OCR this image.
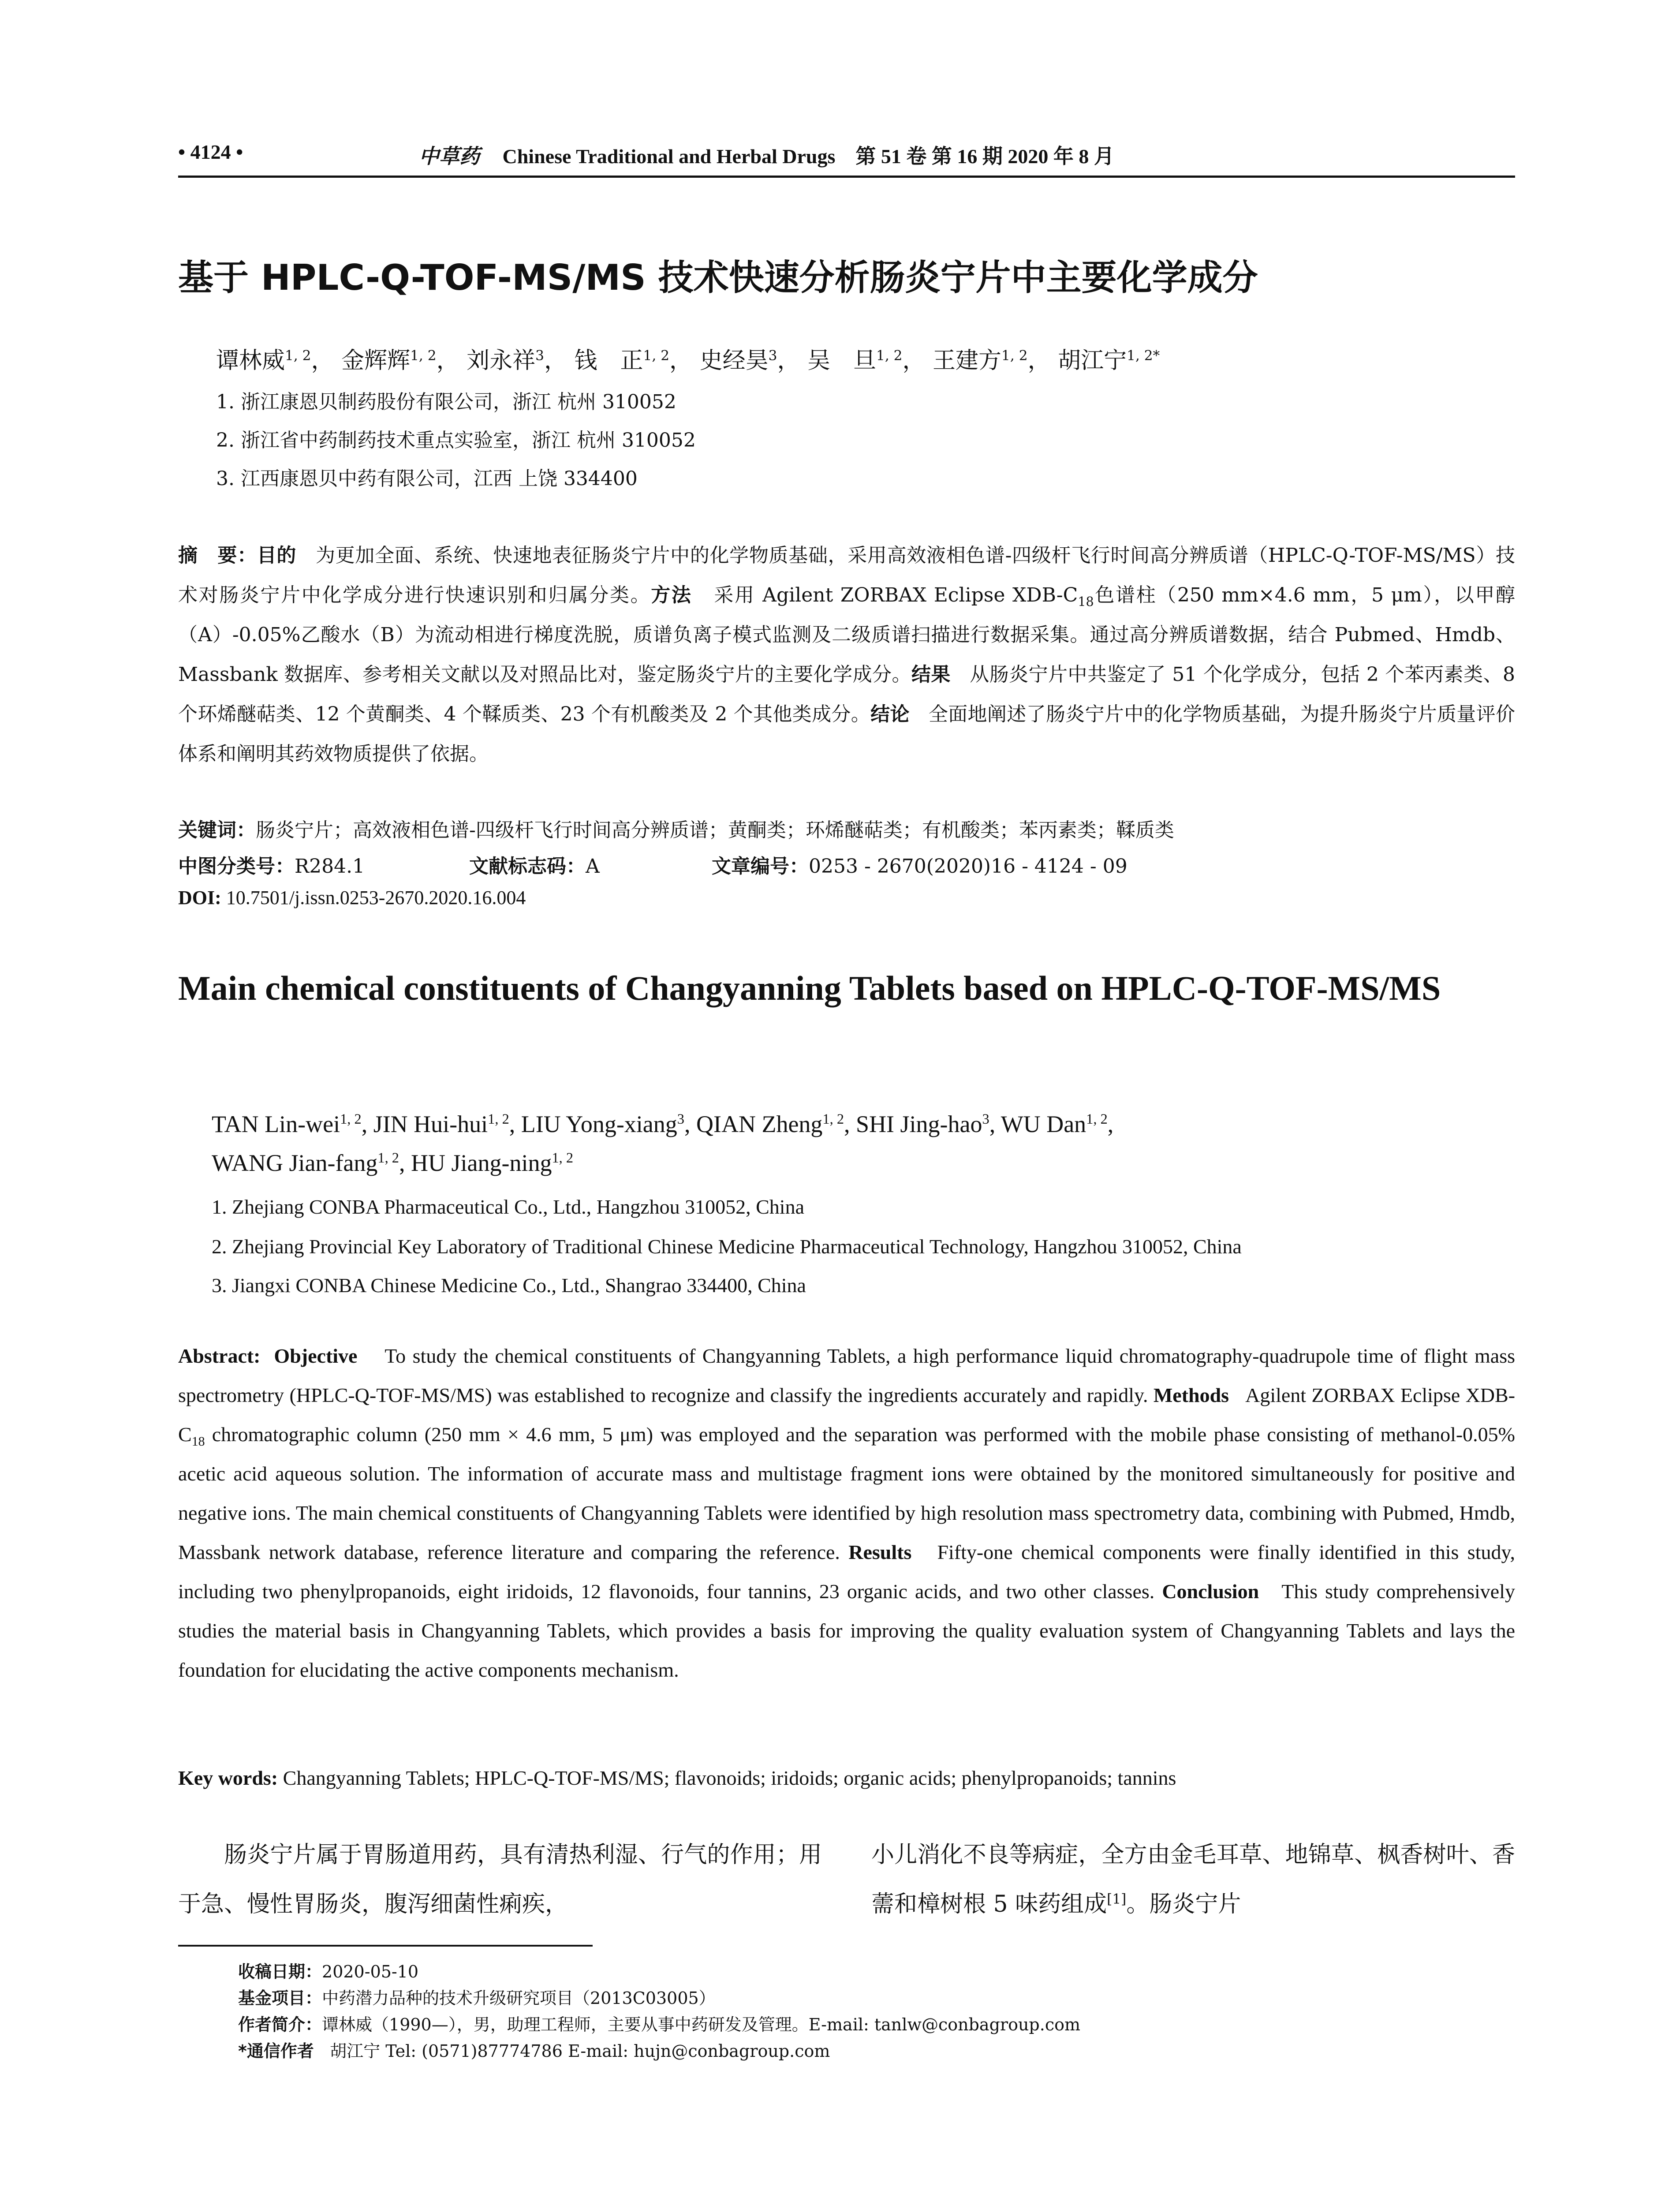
• 4124 •	中草药 Chinese Traditional and Herbal Drugs 第 51 卷 第 16 期 2020 年 8 月
基于 HPLC-Q-TOF-MS/MS 技术快速分析肠炎宁片中主要化学成分
谭林威$^{1, 2}$， 金辉辉$^{1, 2}$， 刘永祥$^3$， 钱　正$^{1, 2}$， 史经昊$^3$， 吴　旦$^{1, 2}$， 王建方$^{1, 2}$， 胡江宁$^{1, 2*}$
1. 浙江康恩贝制药股份有限公司，浙江 杭州 310052
2. 浙江省中药制药技术重点实验室，浙江 杭州 310052
3. 江西康恩贝中药有限公司，江西 上饶 334400
摘　要：目的 为更加全面、系统、快速地表征肠炎宁片中的化学物质基础，采用高效液相色谱-四级杆飞行时间高分辨质谱（HPLC-Q-TOF-MS/MS）技术对肠炎宁片中化学成分进行快速识别和归属分类。方法 采用 Agilent ZORBAX Eclipse XDB-$C_{18}$色谱柱（250 mm×4.6 mm，5 μm），以甲醇（A）-0.05%乙酸水（B）为流动相进行梯度洗脱，质谱负离子模式监测及二级质谱扫描进行数据采集。通过高分辨质谱数据，结合 Pubmed、Hmdb、Massbank 数据库、参考相关文献以及对照品比对，鉴定肠炎宁片的主要化学成分。结果 从肠炎宁片中共鉴定了 51 个化学成分，包括 2 个苯丙素类、8 个环烯醚萜类、12 个黄酮类、4 个鞣质类、23 个有机酸类及 2 个其他类成分。结论 全面地阐述了肠炎宁片中的化学物质基础，为提升肠炎宁片质量评价体系和阐明其药效物质提供了依据。
关键词：肠炎宁片；高效液相色谱-四级杆飞行时间高分辨质谱；黄酮类；环烯醚萜类；有机酸类；苯丙素类；鞣质类
中图分类号：R284.1	文献标志码：A	文章编号：0253 - 2670(2020)16 - 4124 - 09
DOI: 10.7501/j.issn.0253-2670.2020.16.004
Main chemical constituents of Changyanning Tablets based on HPLC-Q-TOF-MS/MS
TAN Lin-wei$^{1, 2}$, JIN Hui-hui$^{1, 2}$, LIU Yong-xiang$^3$, QIAN Zheng$^{1, 2}$, SHI Jing-hao$^3$, WU Dan$^{1, 2}$,
WANG Jian-fang$^{1, 2}$, HU Jiang-ning$^{1, 2}$
1. Zhejiang CONBA Pharmaceutical Co., Ltd., Hangzhou 310052, China
2. Zhejiang Provincial Key Laboratory of Traditional Chinese Medicine Pharmaceutical Technology, Hangzhou 310052, China
3. Jiangxi CONBA Chinese Medicine Co., Ltd., Shangrao 334400, China
Abstract: Objective To study the chemical constituents of Changyanning Tablets, a high performance liquid chromatography-quadrupole time of flight mass spectrometry (HPLC-Q-TOF-MS/MS) was established to recognize and classify the ingredients accurately and rapidly. Methods Agilent ZORBAX Eclipse XDB-$C_{18}$ chromatographic column (250 mm × 4.6 mm, 5 μm) was employed and the separation was performed with the mobile phase consisting of methanol-0.05% acetic acid aqueous solution. The information of accurate mass and multistage fragment ions were obtained by the monitored simultaneously for positive and negative ions. The main chemical constituents of Changyanning Tablets were identified by high resolution mass spectrometry data, combining with Pubmed, Hmdb, Massbank network database, reference literature and comparing the reference. Results Fifty-one chemical components were finally identified in this study, including two phenylpropanoids, eight iridoids, 12 flavonoids, four tannins, 23 organic acids, and two other classes. Conclusion This study comprehensively studies the material basis in Changyanning Tablets, which provides a basis for improving the quality evaluation system of Changyanning Tablets and lays the foundation for elucidating the active components mechanism.
Key words: Changyanning Tablets; HPLC-Q-TOF-MS/MS; flavonoids; iridoids; organic acids; phenylpropanoids; tannins
肠炎宁片属于胃肠道用药，具有清热利湿、行气的作用；用于急、慢性胃肠炎，腹泻细菌性痢疾，
小儿消化不良等病症，全方由金毛耳草、地锦草、枫香树叶、香薷和樟树根 5 味药组成[1]。肠炎宁片
收稿日期：2020-05-10
基金项目：中药潜力品种的技术升级研究项目（2013C03005）
作者简介：谭林威（1990—），男，助理工程师，主要从事中药研发及管理。E-mail: tanlw@conbagroup.com
*通信作者 胡江宁 Tel: (0571)87774786 E-mail: hujn@conbagroup.com
